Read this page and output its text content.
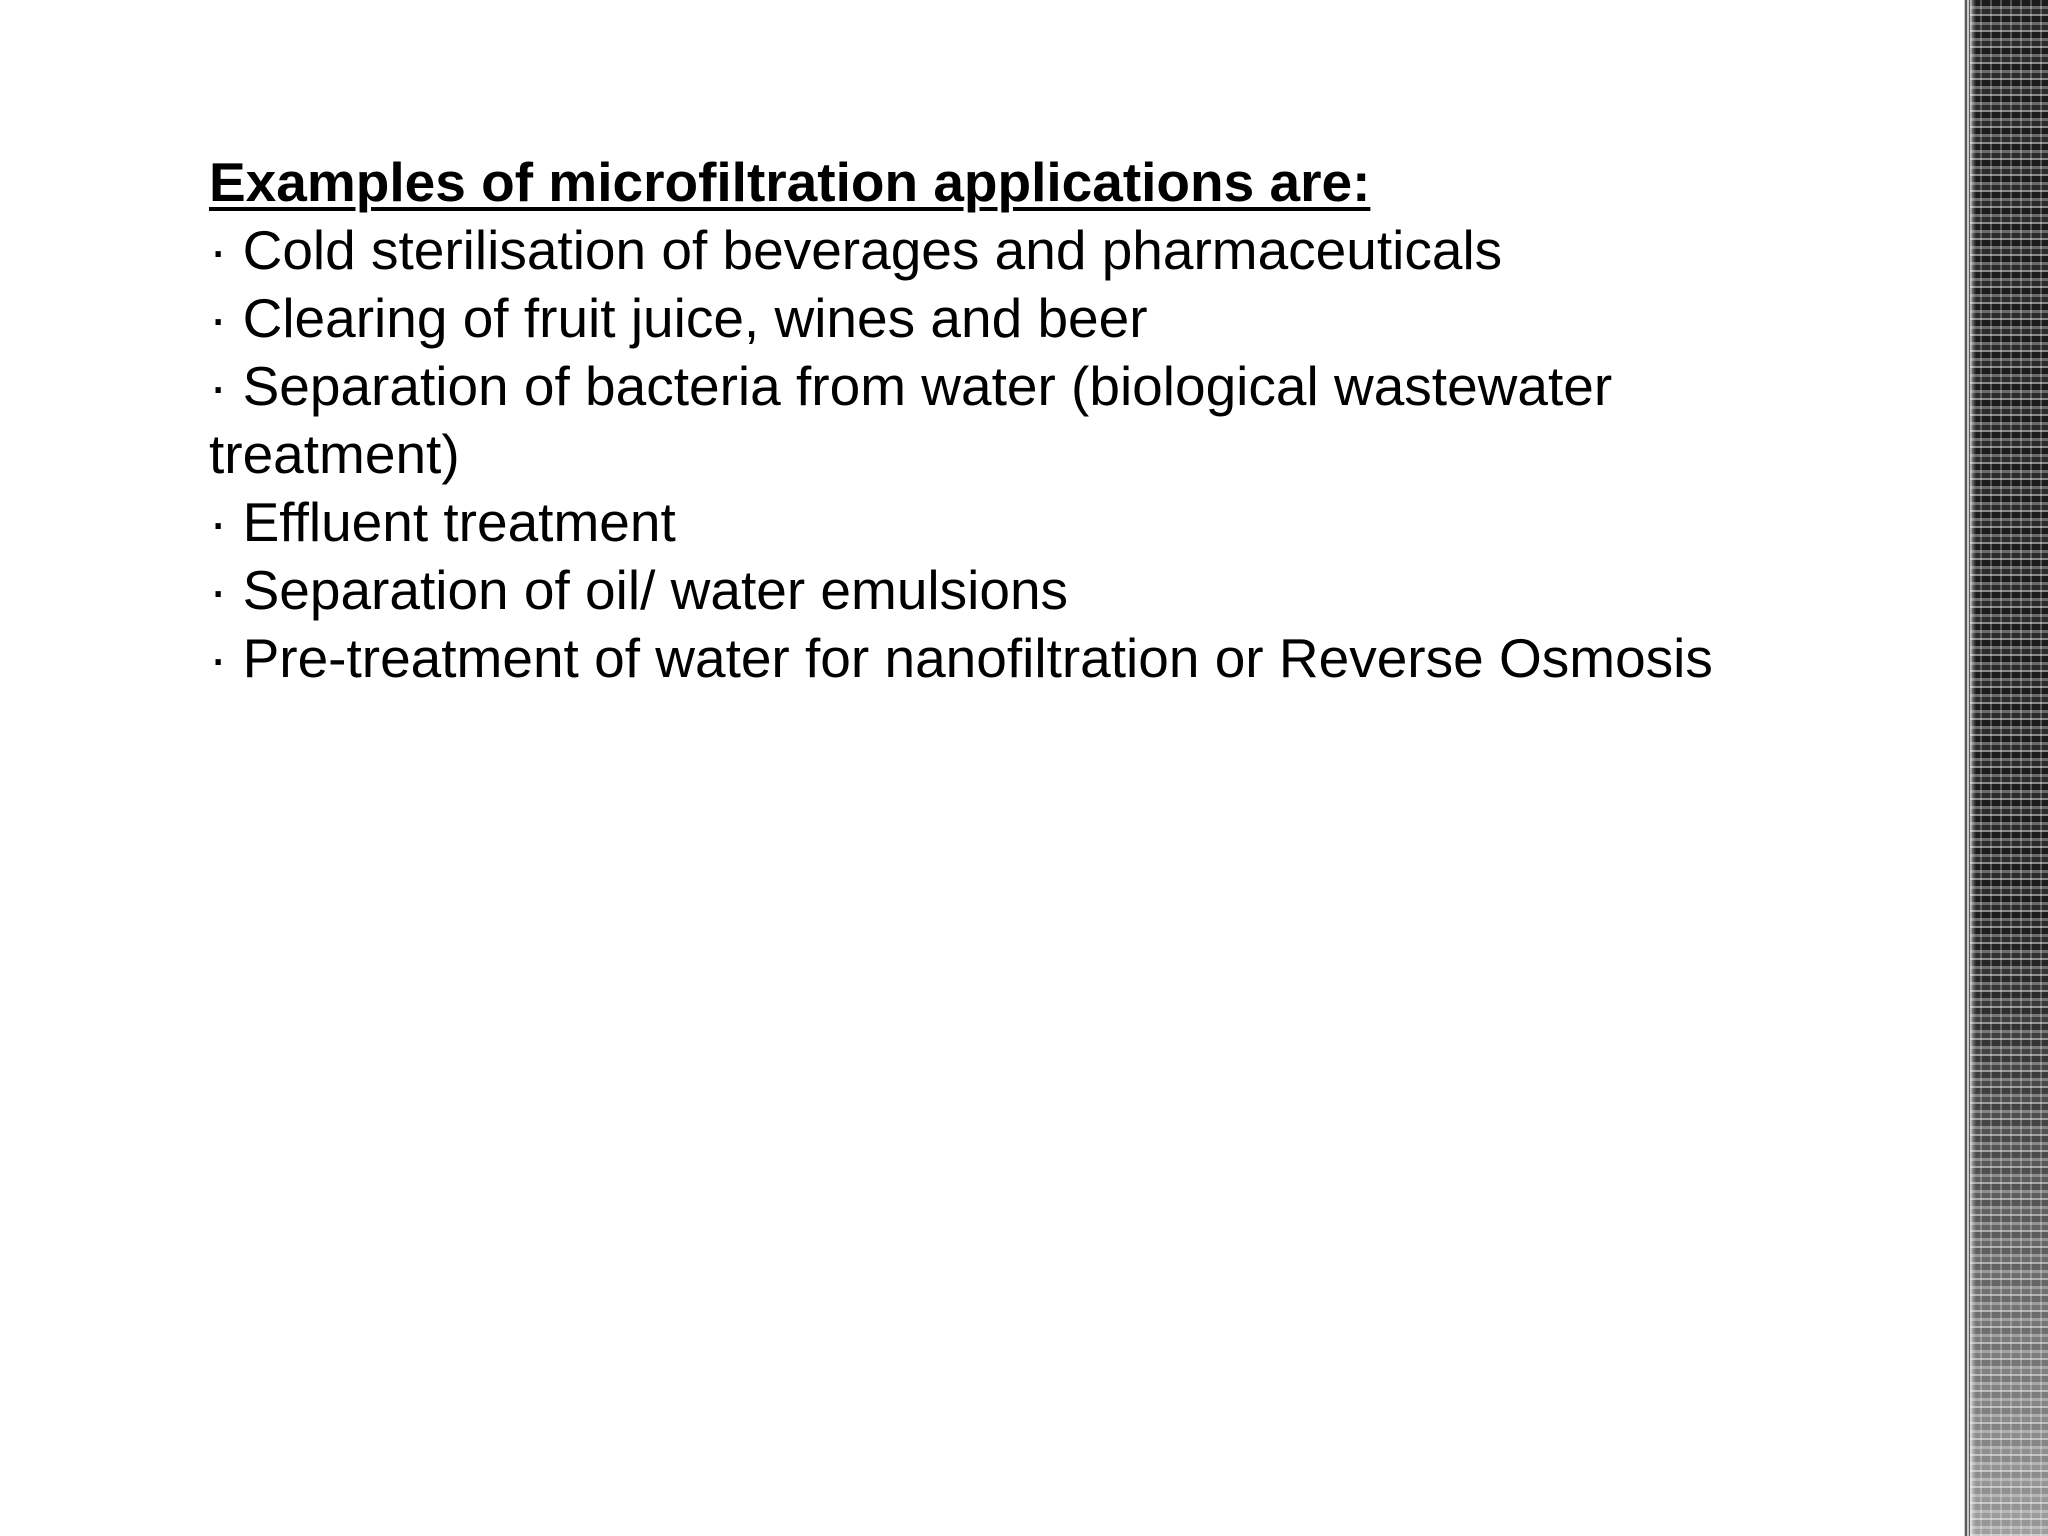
Examples of microfiltration applications are:

· Cold sterilisation of beverages and pharmaceuticals
· Clearing of fruit juice, wines and beer
· Separation of bacteria from water (biological wastewater treatment)
· Effluent treatment
· Separation of oil/ water emulsions
· Pre-treatment of water for nanofiltration or Reverse Osmosis
